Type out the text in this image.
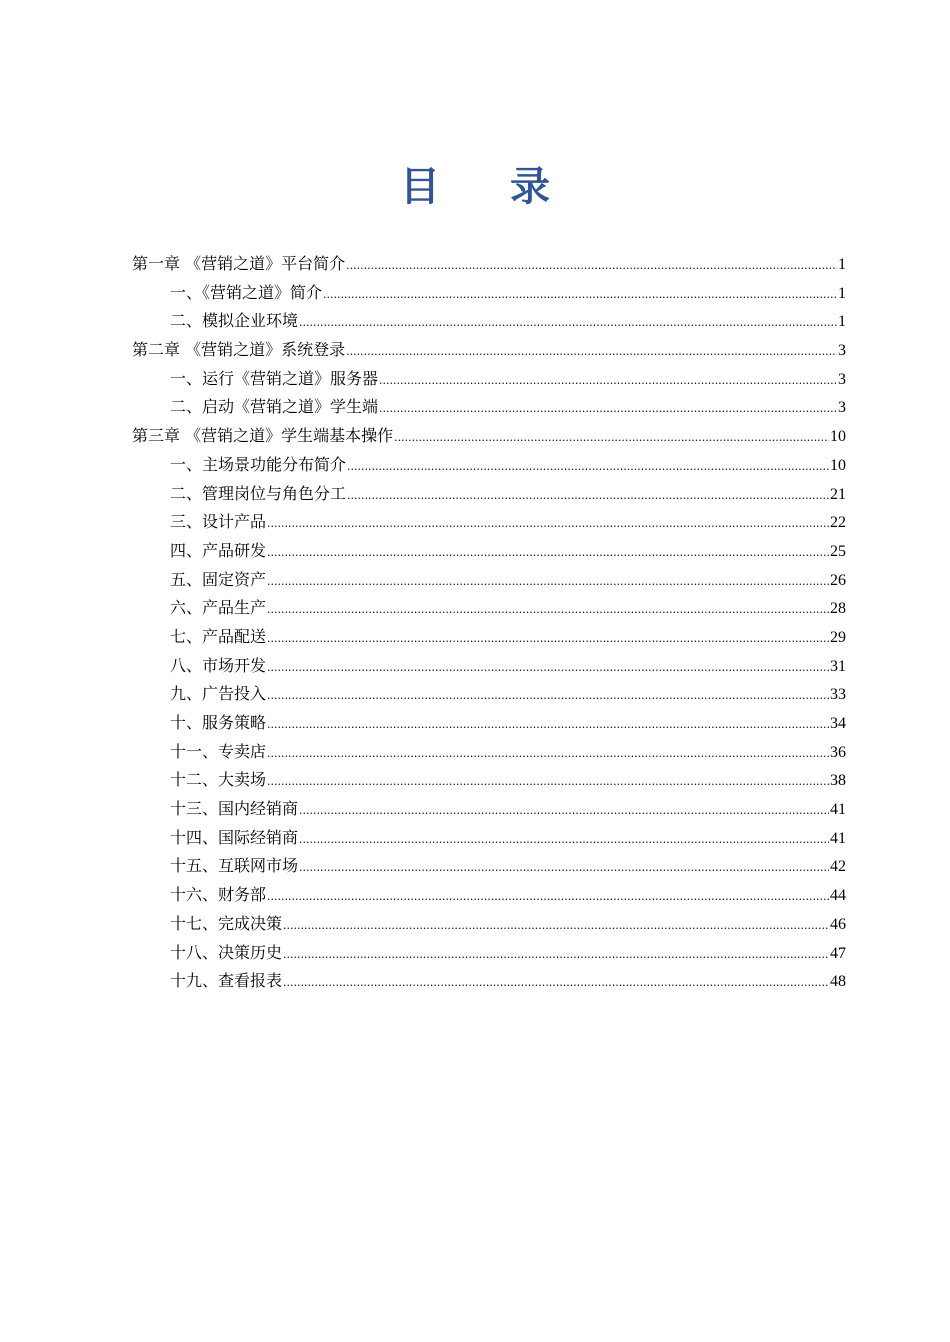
目 录
第一章 《营销之道》平台简介 .....	1
一、《营销之道》简介 .....	1
二、模拟企业环境 .....	1
第二章 《营销之道》系统登录 .....	3
一、运行《营销之道》服务器 .....	3
二、启动《营销之道》学生端 .....	3
第三章 《营销之道》学生端基本操作 .....	10
一、主场景功能分布简介 .....	10
二、管理岗位与角色分工 .....	21
三、设计产品 .....	22
四、产品研发 .....	25
五、固定资产 .....	26
六、产品生产 .....	28
七、产品配送 .....	29
八、市场开发 .....	31
九、广告投入 .....	33
十、服务策略 .....	34
十一、专卖店 .....	36
十二、大卖场 .....	38
十三、国内经销商 .....	41
十四、国际经销商 .....	41
十五、互联网市场 .....	42
十六、财务部 .....	44
十七、完成决策 .....	46
十八、决策历史 .....	47
十九、查看报表 .....	48
